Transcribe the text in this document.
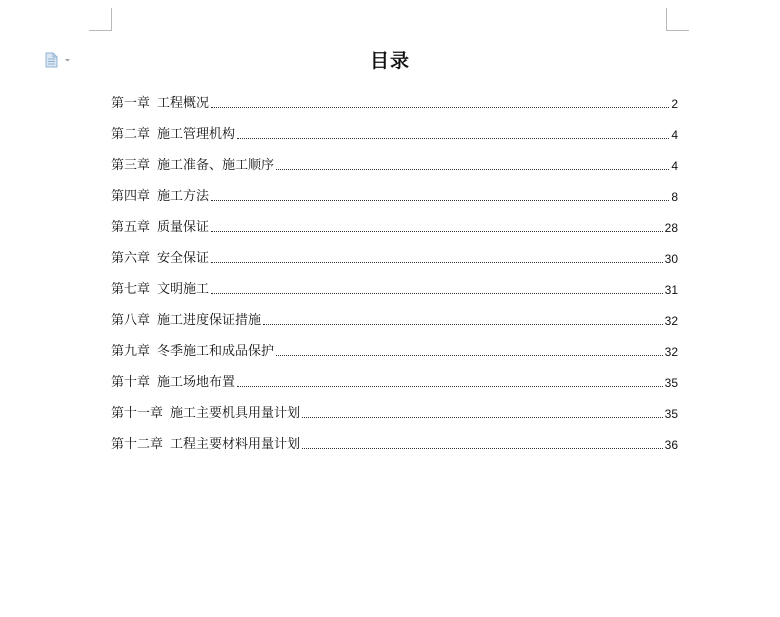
目录
第一章 工程概况	2
第二章 施工管理机构	4
第三章 施工准备、施工顺序	4
第四章 施工方法	8
第五章 质量保证	28
第六章 安全保证	30
第七章 文明施工	31
第八章 施工进度保证措施	32
第九章 冬季施工和成品保护	32
第十章 施工场地布置	35
第十一章 施工主要机具用量计划	35
第十二章 工程主要材料用量计划	36
